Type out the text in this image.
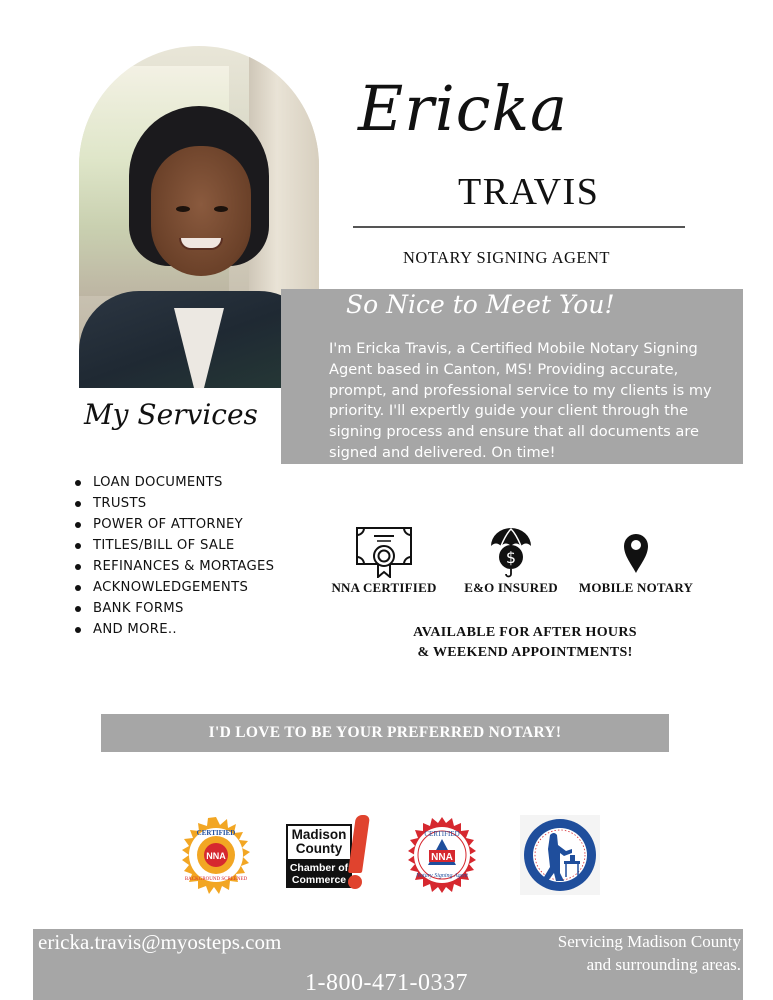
Ericka
TRAVIS
NOTARY SIGNING AGENT
So Nice to Meet You!
I'm Ericka Travis, a Certified Mobile Notary Signing Agent based in Canton, MS! Providing accurate, prompt, and professional service to my clients is my priority. I'll expertly guide your client through the signing process and ensure that all documents are signed and delivered. On time!
My Services
LOAN DOCUMENTS
TRUSTS
POWER OF ATTORNEY
TITLES/BILL OF SALE
REFINANCES & MORTAGES
ACKNOWLEDGEMENTS
BANK FORMS
AND MORE..
NNA CERTIFIED
$
E&O INSURED	MOBILE NOTARY
AVAILABLE FOR AFTER HOURS
& WEEKEND APPOINTMENTS!
I'D LOVE TO BE YOUR PREFERRED NOTARY!
NNA
CERTIFIED
BACKGROUND SCREENED
Madison
County
Chamber of
Commerce
NNA
CERTIFIED
Notary Signing Agent
ericka.travis@myosteps.com	Servicing Madison County
and surrounding areas.
1-800-471-0337
